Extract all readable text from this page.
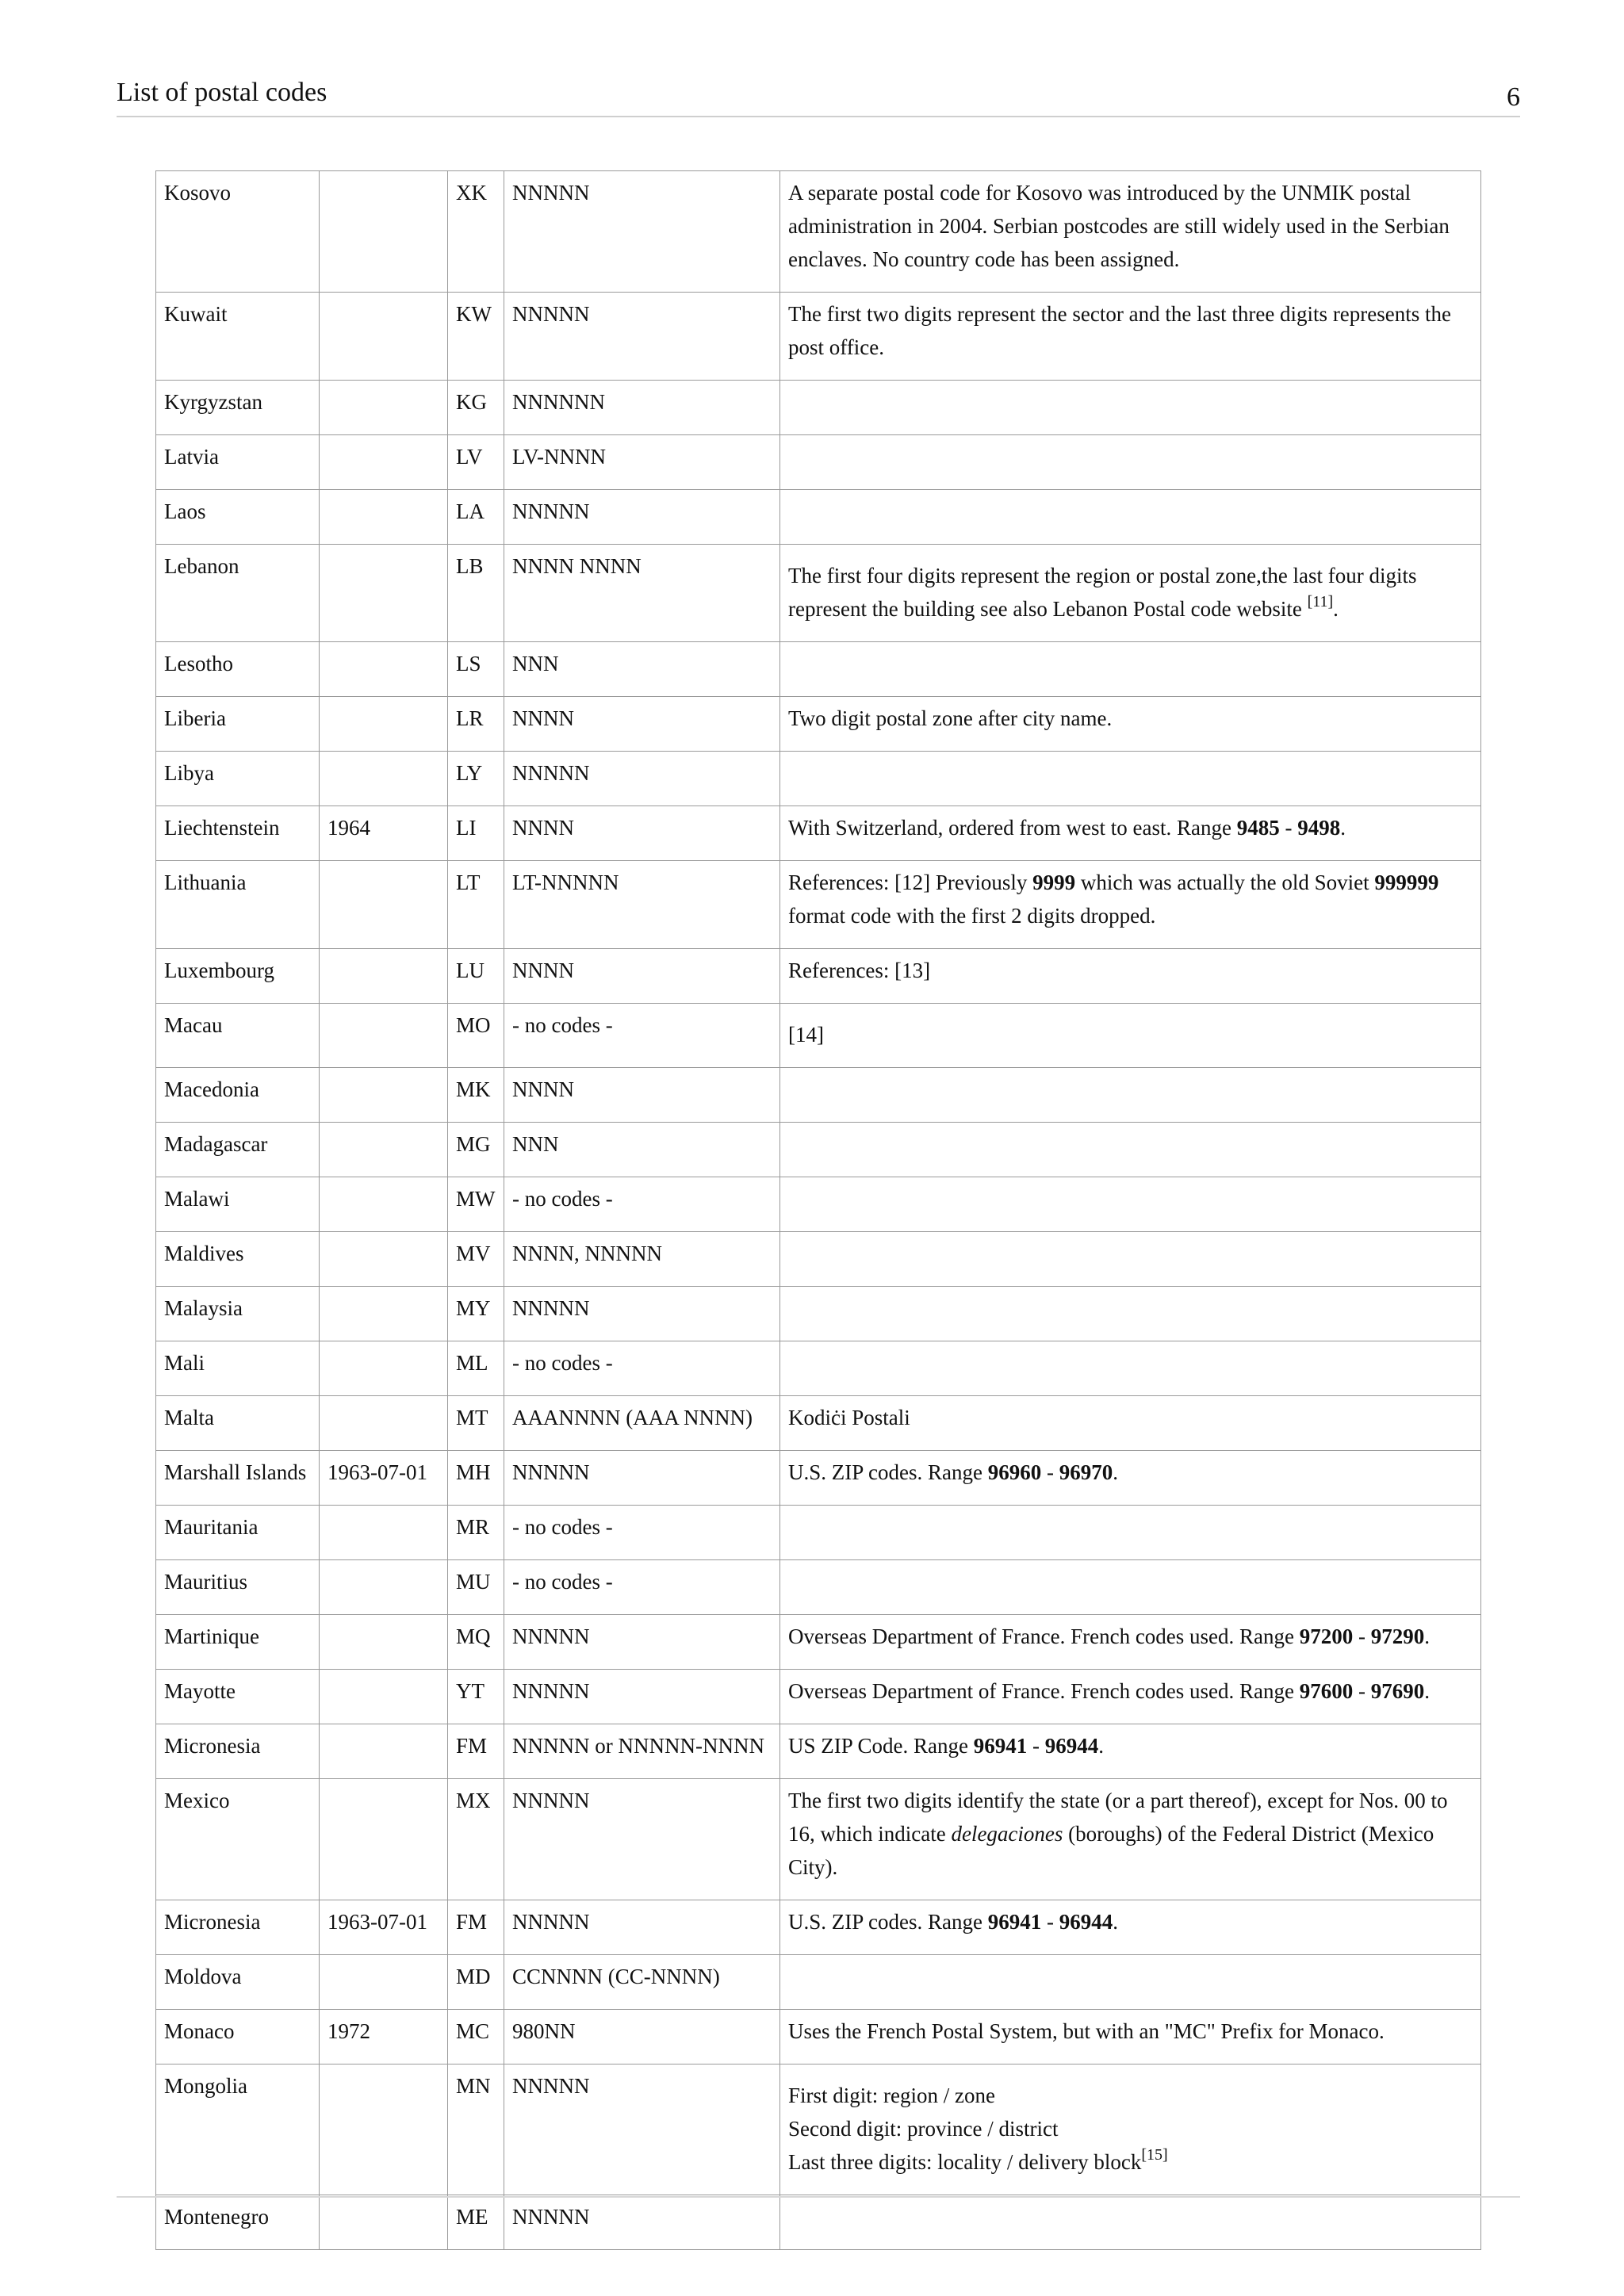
List of postal codes	6
Kosovo		XK	NNNNN	A separate postal code for Kosovo was introduced by the UNMIK postal administration in 2004. Serbian postcodes are still widely used in the Serbian enclaves. No country code has been assigned.
Kuwait		KW	NNNNN	The first two digits represent the sector and the last three digits represents the post office.
Kyrgyzstan		KG	NNNNNN	
Latvia		LV	LV-NNNN	
Laos		LA	NNNNN	
Lebanon		LB	NNNN NNNN	The first four digits represent the region or postal zone,the last four digits represent the building see also Lebanon Postal code website [11].

Lesotho		LS	NNN	
Liberia		LR	NNNN	Two digit postal zone after city name.
Libya		LY	NNNNN	
Liechtenstein	1964	LI	NNNN	With Switzerland, ordered from west to east. Range 9485 - 9498.
Lithuania		LT	LT-NNNNN	References: [12] Previously 9999 which was actually the old Soviet 999999 format code with the first 2 digits dropped.
Luxembourg		LU	NNNN	References: [13]
Macau		MO	- no codes -	[14]

Macedonia		MK	NNNN	
Madagascar		MG	NNN	
Malawi		MW	- no codes -	
Maldives		MV	NNNN, NNNNN	
Malaysia		MY	NNNNN	
Mali		ML	- no codes -	
Malta		MT	AAANNNN (AAA NNNN)	Kodiċi Postali
Marshall Islands	1963-07-01	MH	NNNNN	U.S. ZIP codes. Range 96960 - 96970.
Mauritania		MR	- no codes -	
Mauritius		MU	- no codes -	
Martinique		MQ	NNNNN	Overseas Department of France. French codes used. Range 97200 - 97290.
Mayotte		YT	NNNNN	Overseas Department of France. French codes used. Range 97600 - 97690.
Micronesia		FM	NNNNN or NNNNN-NNNN	US ZIP Code. Range 96941 - 96944.
Mexico		MX	NNNNN	The first two digits identify the state (or a part thereof), except for Nos. 00 to 16, which indicate delegaciones (boroughs) of the Federal District (Mexico City).
Micronesia	1963-07-01	FM	NNNNN	U.S. ZIP codes. Range 96941 - 96944.
Moldova		MD	CCNNNN (CC-NNNN)	
Monaco	1972	MC	980NN	Uses the French Postal System, but with an "MC" Prefix for Monaco.
Mongolia		MN	NNNNN	First digit: region / zone
Second digit: province / district
Last three digits: locality / delivery block[15]

Montenegro		ME	NNNNN	
